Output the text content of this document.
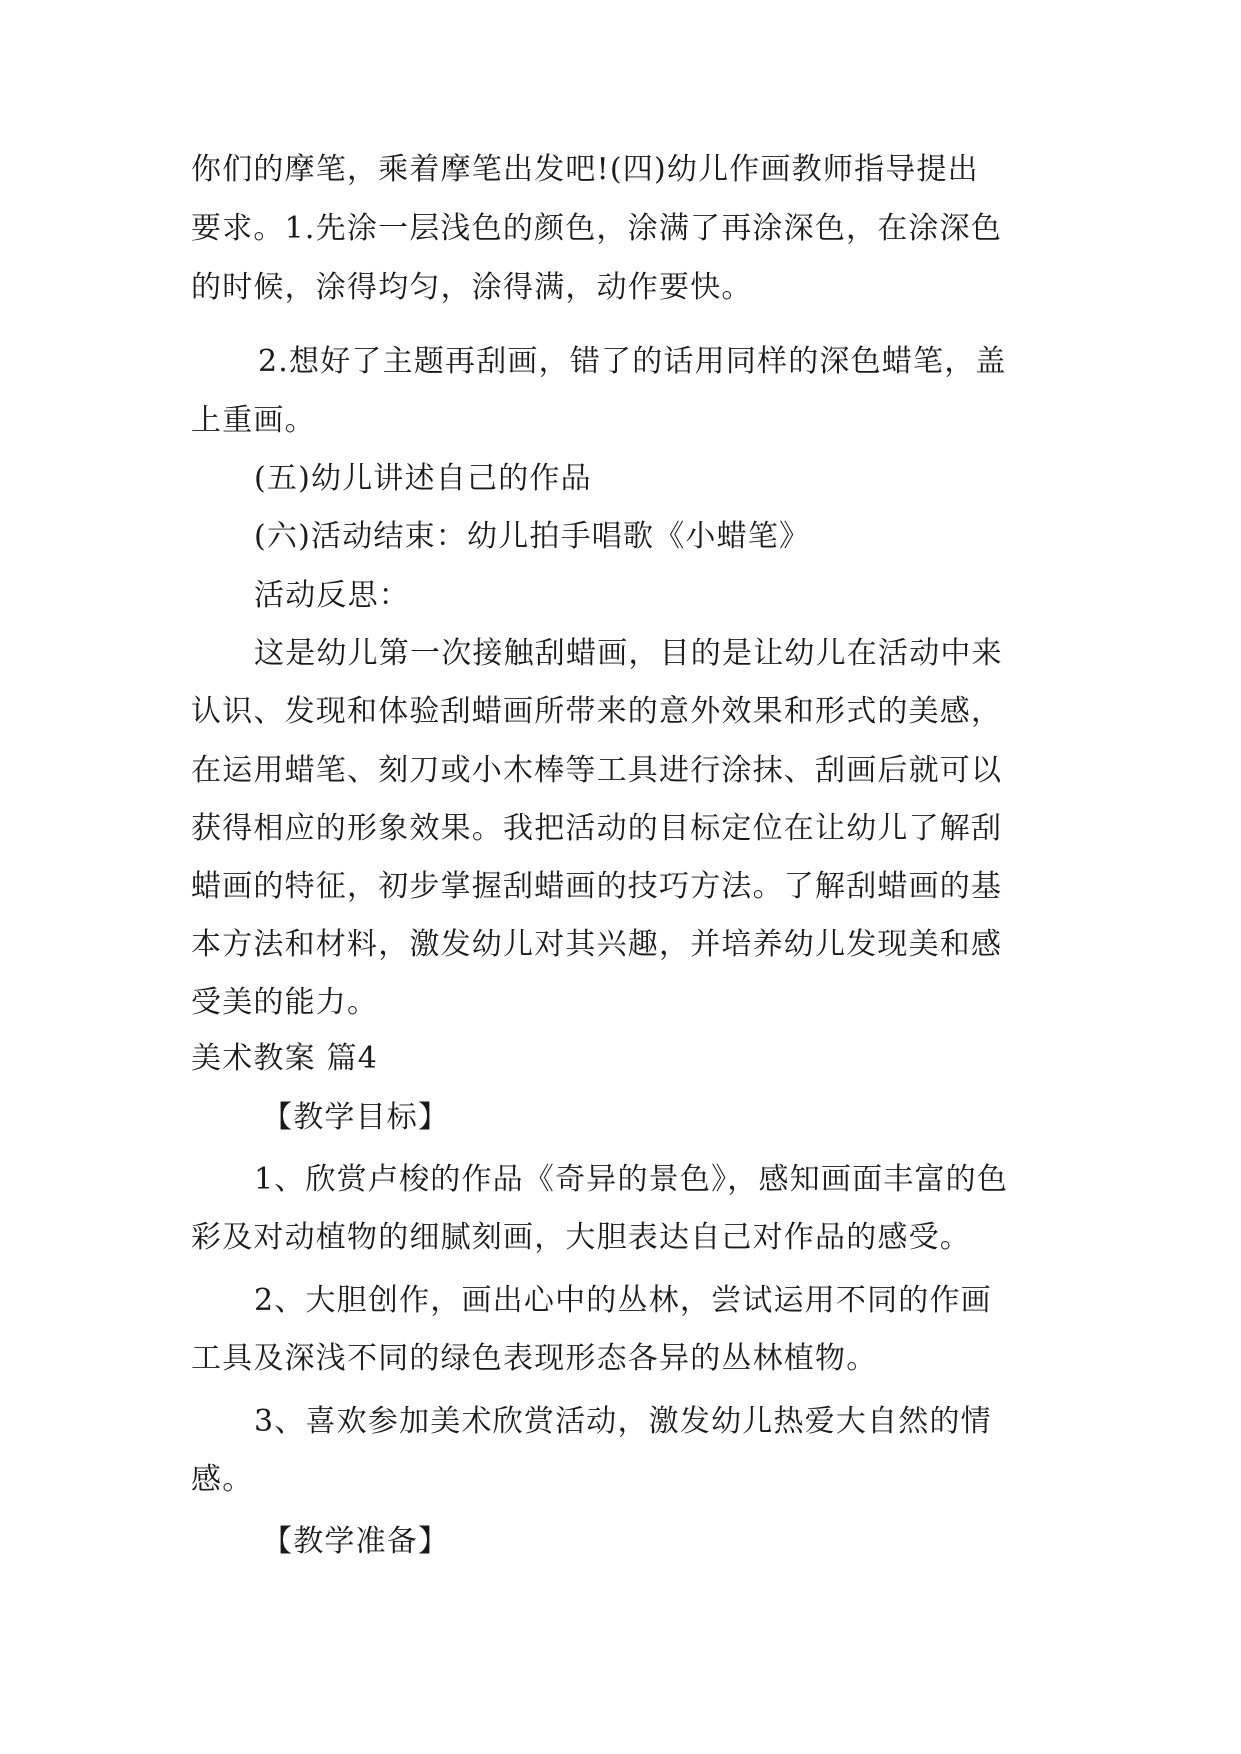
你们的摩笔，乘着摩笔出发吧!(四)幼儿作画教师指导提出
要求。1.先涂一层浅色的颜色，涂满了再涂深色，在涂深色
的时候，涂得均匀，涂得满，动作要快。
2.想好了主题再刮画，错了的话用同样的深色蜡笔，盖
上重画。
(五)幼儿讲述自己的作品
(六)活动结束：幼儿拍手唱歌《小蜡笔》
活动反思：
这是幼儿第一次接触刮蜡画，目的是让幼儿在活动中来
认识、发现和体验刮蜡画所带来的意外效果和形式的美感，
在运用蜡笔、刻刀或小木棒等工具进行涂抹、刮画后就可以
获得相应的形象效果。我把活动的目标定位在让幼儿了解刮
蜡画的特征，初步掌握刮蜡画的技巧方法。了解刮蜡画的基
本方法和材料，激发幼儿对其兴趣，并培养幼儿发现美和感
受美的能力。
美术教案 篇4
【教学目标】
1、欣赏卢梭的作品《奇异的景色》，感知画面丰富的色
彩及对动植物的细腻刻画，大胆表达自己对作品的感受。
2、大胆创作，画出心中的丛林，尝试运用不同的作画
工具及深浅不同的绿色表现形态各异的丛林植物。
3、喜欢参加美术欣赏活动，激发幼儿热爱大自然的情
感。
【教学准备】
